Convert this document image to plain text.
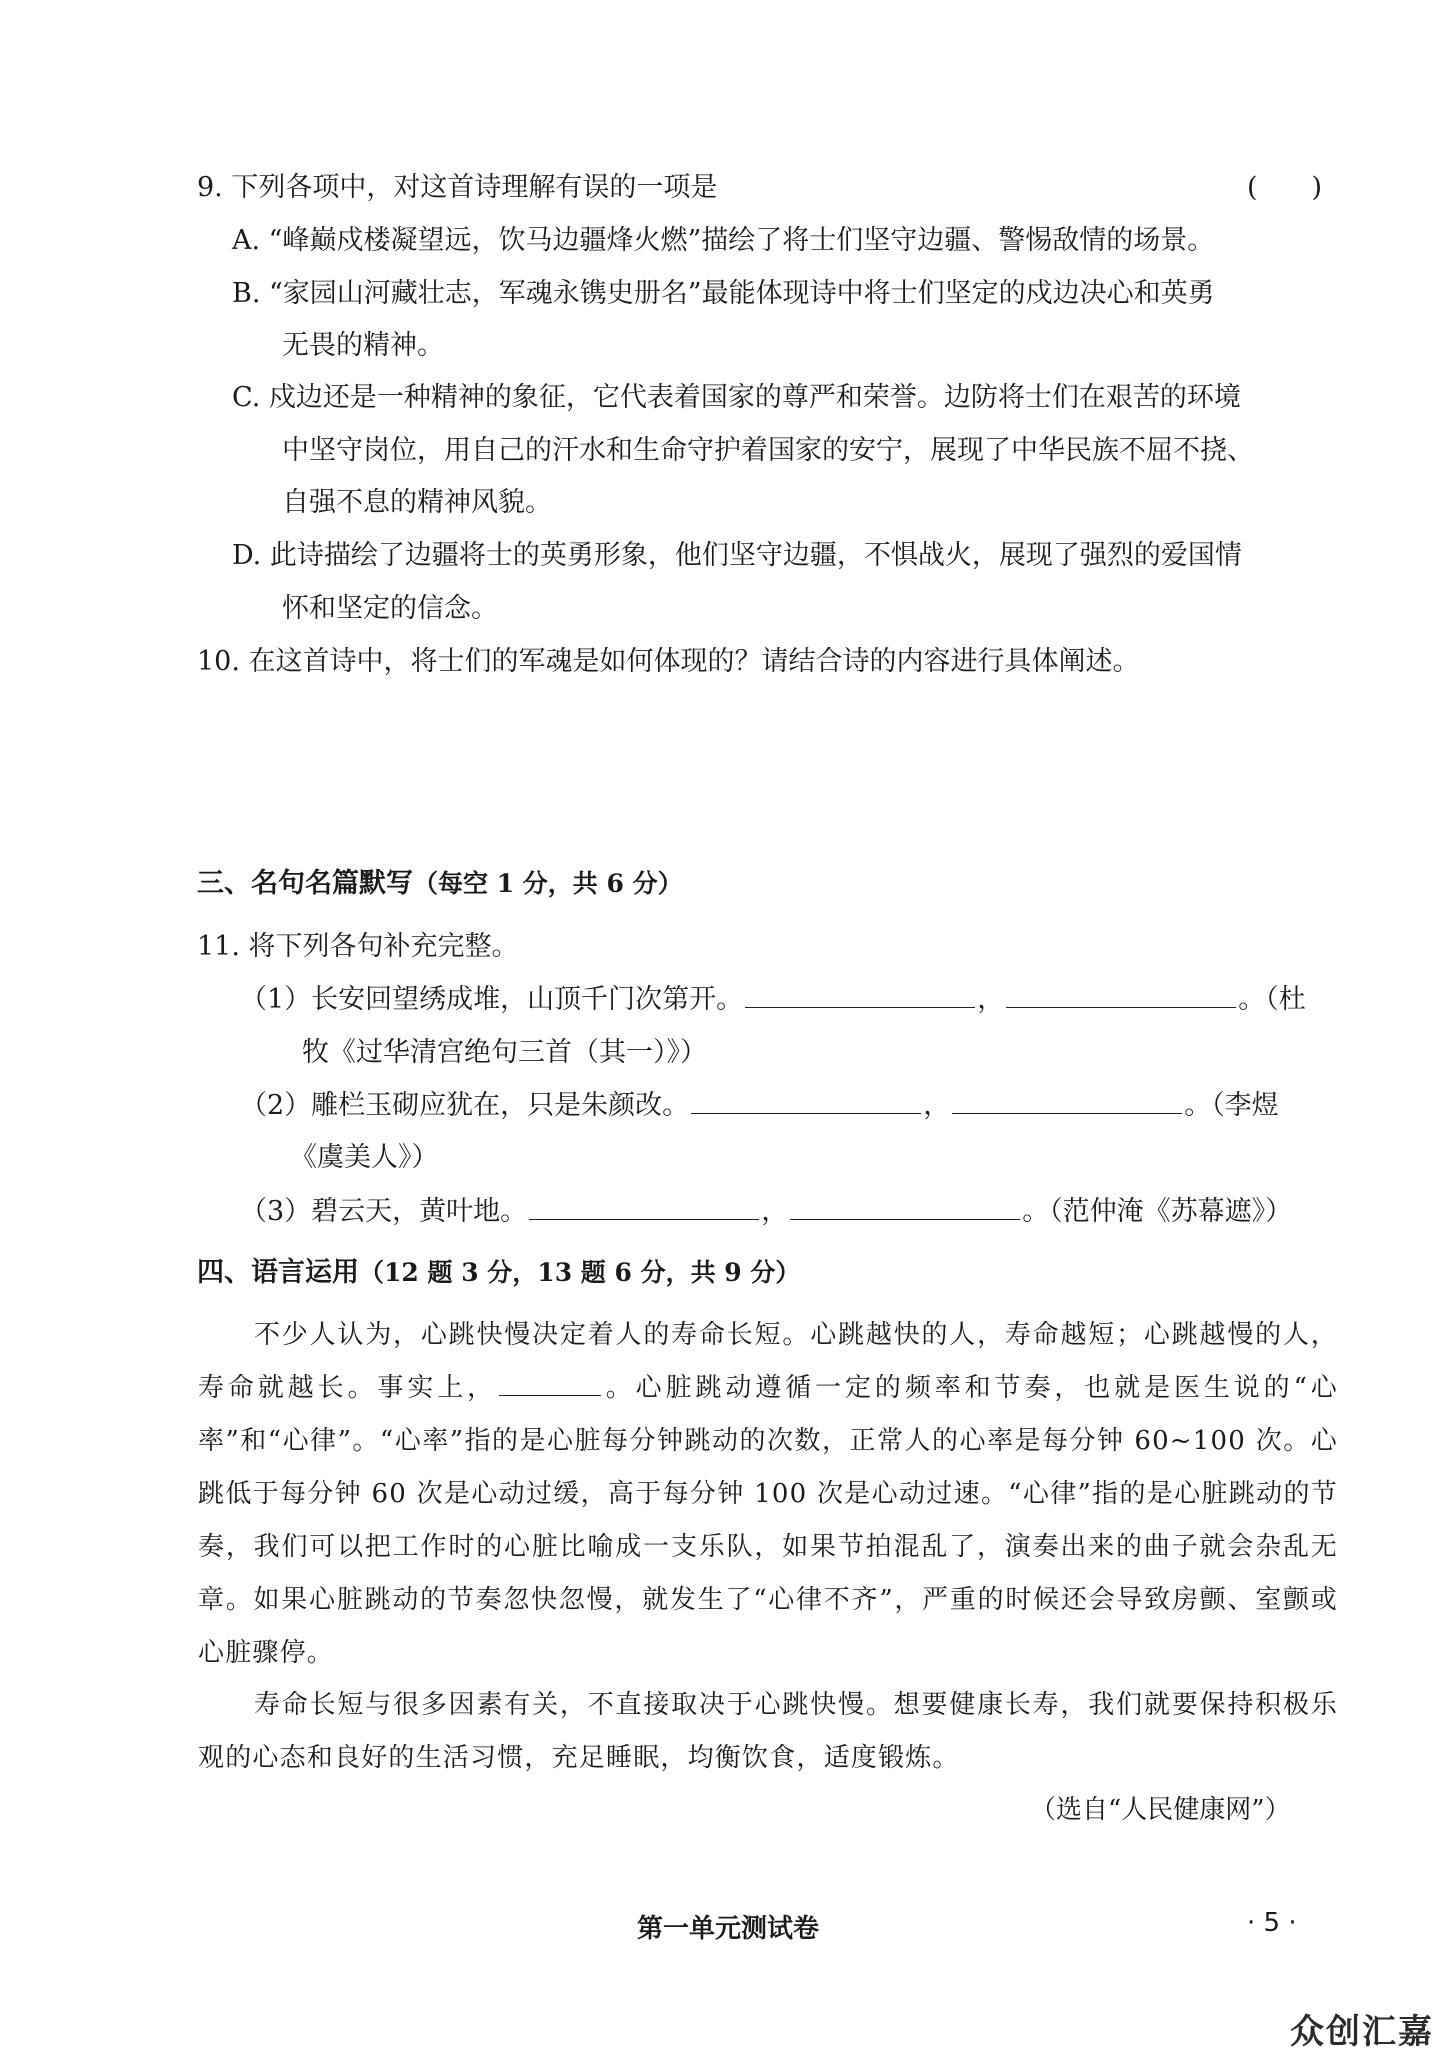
9. 下列各项中，对这首诗理解有误的一项是	(　　)
A. “峰巅戍楼凝望远，饮马边疆烽火燃”描绘了将士们坚守边疆、警惕敌情的场景。
B. “家园山河藏壮志，军魂永镌史册名”最能体现诗中将士们坚定的戍边决心和英勇
无畏的精神。
C. 戍边还是一种精神的象征，它代表着国家的尊严和荣誉。边防将士们在艰苦的环境
中坚守岗位，用自己的汗水和生命守护着国家的安宁，展现了中华民族不屈不挠、
自强不息的精神风貌。
D. 此诗描绘了边疆将士的英勇形象，他们坚守边疆，不惧战火，展现了强烈的爱国情
怀和坚定的信念。
10. 在这首诗中，将士们的军魂是如何体现的？请结合诗的内容进行具体阐述。
三、名句名篇默写（每空 1 分，共 6 分）
11. 将下列各句补充完整。
（1）长安回望绣成堆，山顶千门次第开。	，	。（杜
牧《过华清宫绝句三首（其一）》）
（2）雕栏玉砌应犹在，只是朱颜改。	，	。（李煜
《虞美人》）
（3）碧云天，黄叶地。	，	。（范仲淹《苏幕遮》）
四、语言运用（12 题 3 分，13 题 6 分，共 9 分）
不少人认为，心跳快慢决定着人的寿命长短。心跳越快的人，寿命越短；心跳越慢的人，寿命就越长。事实上，	。心脏跳动遵循一定的频率和节奏，也就是医生说的“心率”和“心律”。“心率”指的是心脏每分钟跳动的次数，正常人的心率是每分钟 60~100 次。心跳低于每分钟 60 次是心动过缓，高于每分钟 100 次是心动过速。“心律”指的是心脏跳动的节奏，我们可以把工作时的心脏比喻成一支乐队，如果节拍混乱了，演奏出来的曲子就会杂乱无章。如果心脏跳动的节奏忽快忽慢，就发生了“心律不齐”，严重的时候还会导致房颤、室颤或心脏骤停。
寿命长短与很多因素有关，不直接取决于心跳快慢。想要健康长寿，我们就要保持积极乐观的心态和良好的生活习惯，充足睡眠，均衡饮食，适度锻炼。
（选自“人民健康网”）
第一单元测试卷	· 5 ·
众创汇嘉
